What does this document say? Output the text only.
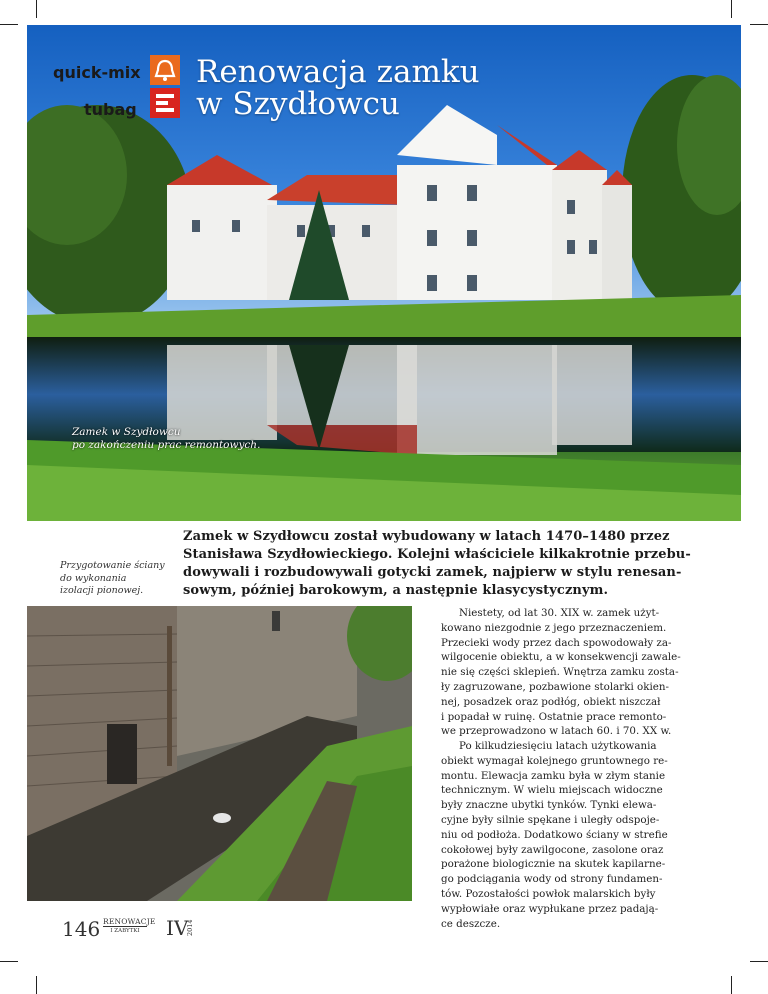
Zamek w Szydłowcu
po zakończeniu prac remontowych.
quick-mix
tubag
Renowacja zamku
w Szydłowcu
Zamek w Szydłowcu został wybudowany w latach 1470–1480 przez
Stanisława Szydłowieckiego. Kolejni właściciele kilkakrotnie przebu-
dowywali i rozbudowywali gotycki zamek, najpierw w stylu renesan-
sowym, później barokowym, a następnie klasycystycznym.
Przygotowanie ściany
do wykonania
izolacji pionowej.
Niestety, od lat 30. XIX w. zamek użyt-
kowano niezgodnie z jego przeznaczeniem.
Przecieki wody przez dach spowodowały za-
wilgocenie obiektu, a w konsekwencji zawale-
nie się części sklepień. Wnętrza zamku zosta-
ły zagruzowane, pozbawione stolarki okien-
nej, posadzek oraz podłóg, obiekt niszczał
i popadał w ruinę. Ostatnie prace remonto-
we przeprowadzono w latach 60. i 70. XX w.
Po kilkudziesięciu latach użytkowania
obiekt wymagał kolejnego gruntownego re-
montu. Elewacja zamku była w złym stanie
technicznym. W wielu miejscach widoczne
były znaczne ubytki tynków. Tynki elewa-
cyjne były silnie spękane i uległy odspoje-
niu od podłoża. Dodatkowo ściany w strefie
cokołowej były zawilgocone, zasolone oraz
porażone biologicznie na skutek kapilarne-
go podciągania wody od strony fundamen-
tów. Pozostałości powłok malarskich były
wypłowiałe oraz wypłukane przez padają-
ce deszcze.
146 RENOWACJE
I ZABYTKI	IV
2014
